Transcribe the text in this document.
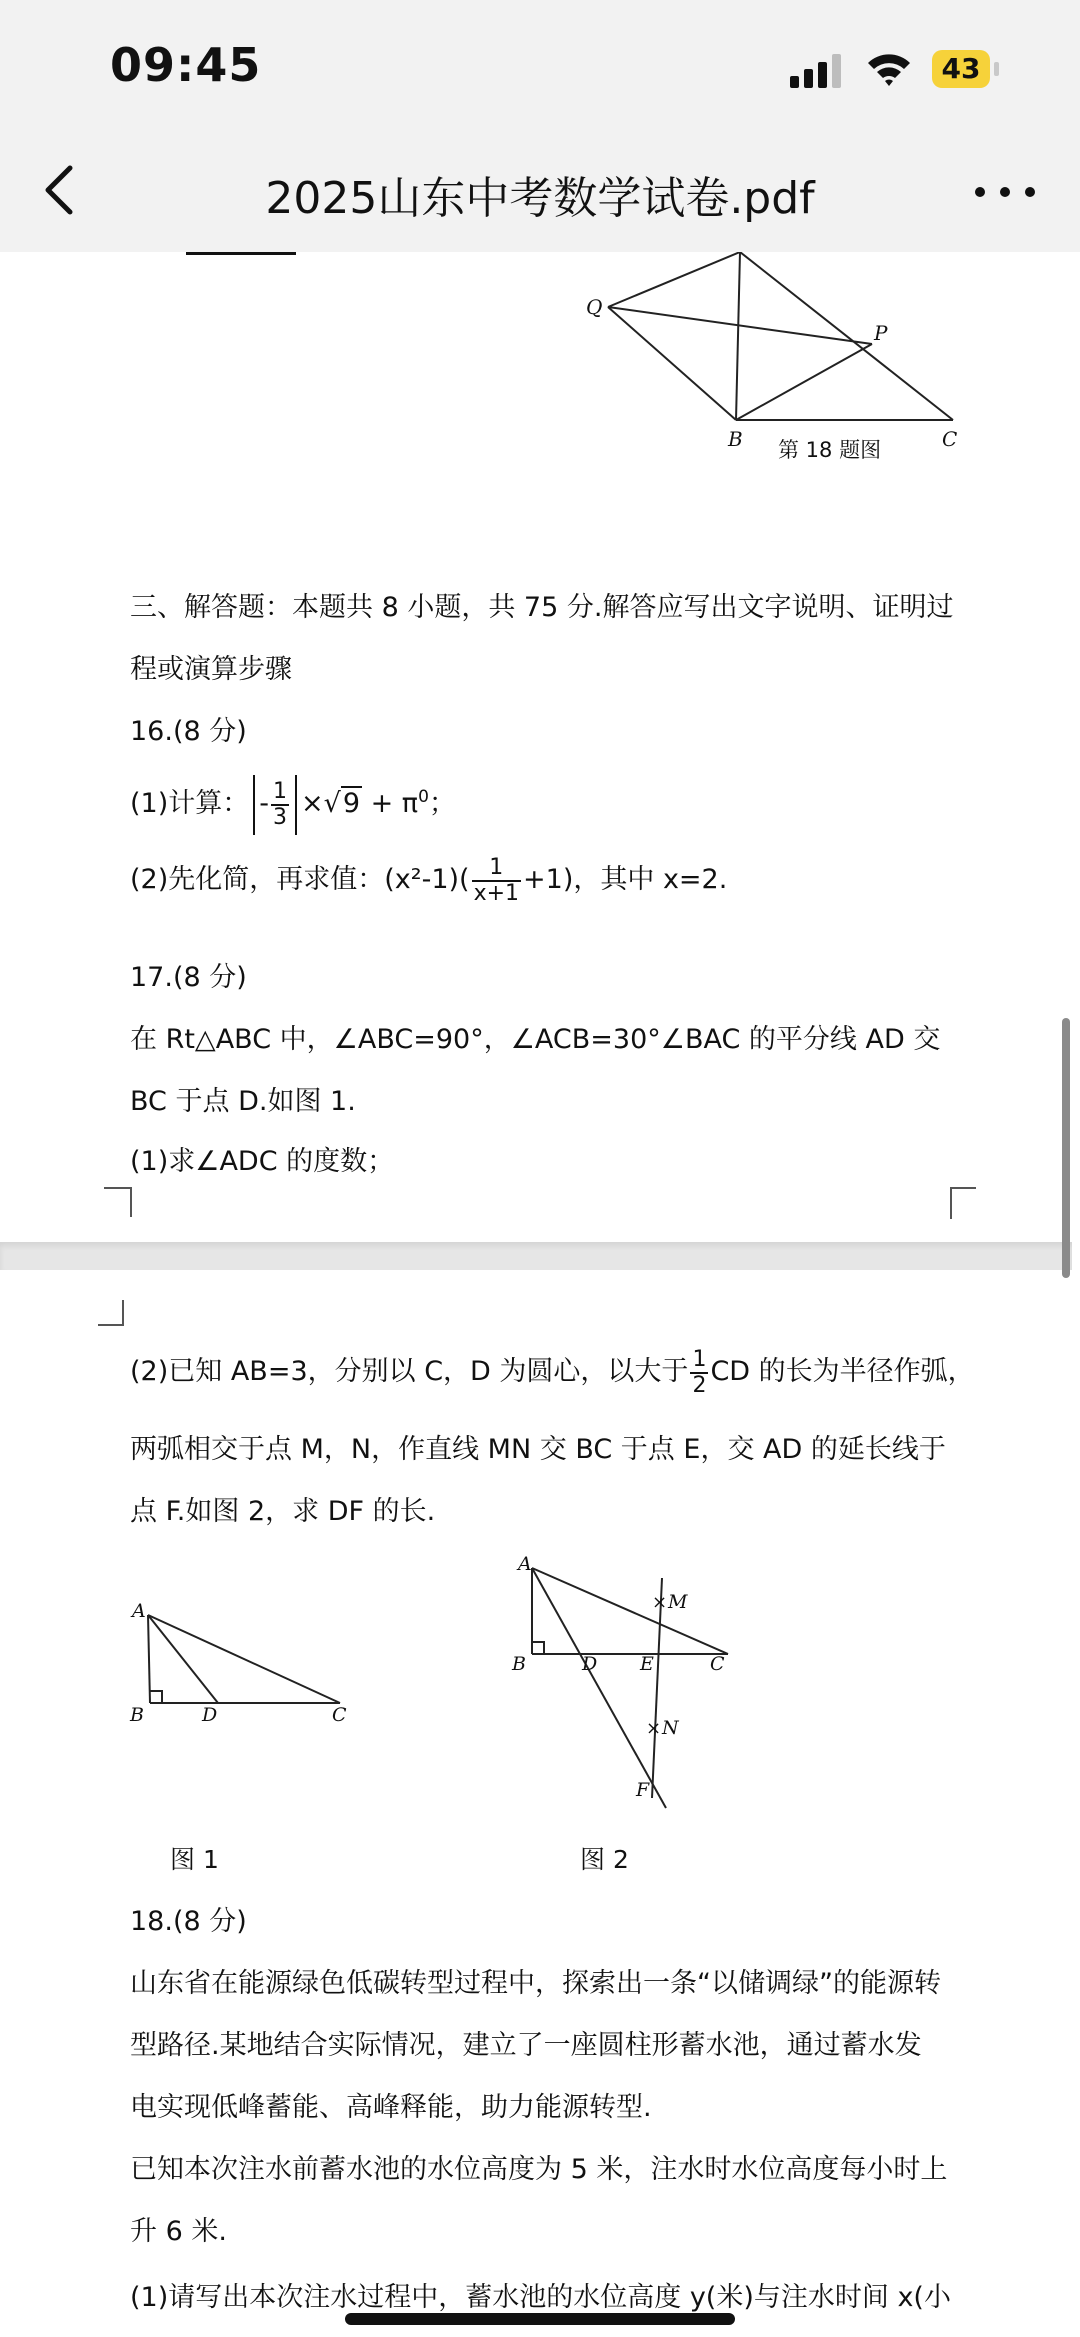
09:45	43
2025山东中考数学试卷.pdf
Q
P
B	C
第 18 题图
三、解答题：本题共 8 小题，共 75 分.解答应写出文字说明、证明过
程或演算步骤
16.(8 分)
(1)计算： - $\frac{1}{3} \times√9 + \pi^0$；
(2)先化简，再求值：$(x^2-1)( \frac{1}{x+1} +1)$，其中 x=2.
17.(8 分)
在 Rt△ABC 中，∠ABC=90°，∠ACB=30°∠BAC 的平分线 AD 交
BC 于点 D.如图 1.
(1)求∠ADC 的度数；
(2)已知 AB=3，分别以 C，D 为圆心，以大于 $\frac{1}{2}$ CD 的长为半径作弧，
两弧相交于点 M，N，作直线 MN 交 BC 于点 E，交 AD 的延长线于
点 F.如图 2，求 DF 的长.
A
B	D	C
图 1
×
×
A
B	D E	C
M
N
F
图 2
18.(8 分)
山东省在能源绿色低碳转型过程中，探索出一条“以储调绿”的能源转
型路径.某地结合实际情况，建立了一座圆柱形蓄水池，通过蓄水发
电实现低峰蓄能、高峰释能，助力能源转型.
已知本次注水前蓄水池的水位高度为 5 米，注水时水位高度每小时上
升 6 米.
(1)请写出本次注水过程中，蓄水池的水位高度 y(米)与注水时间 x(小
